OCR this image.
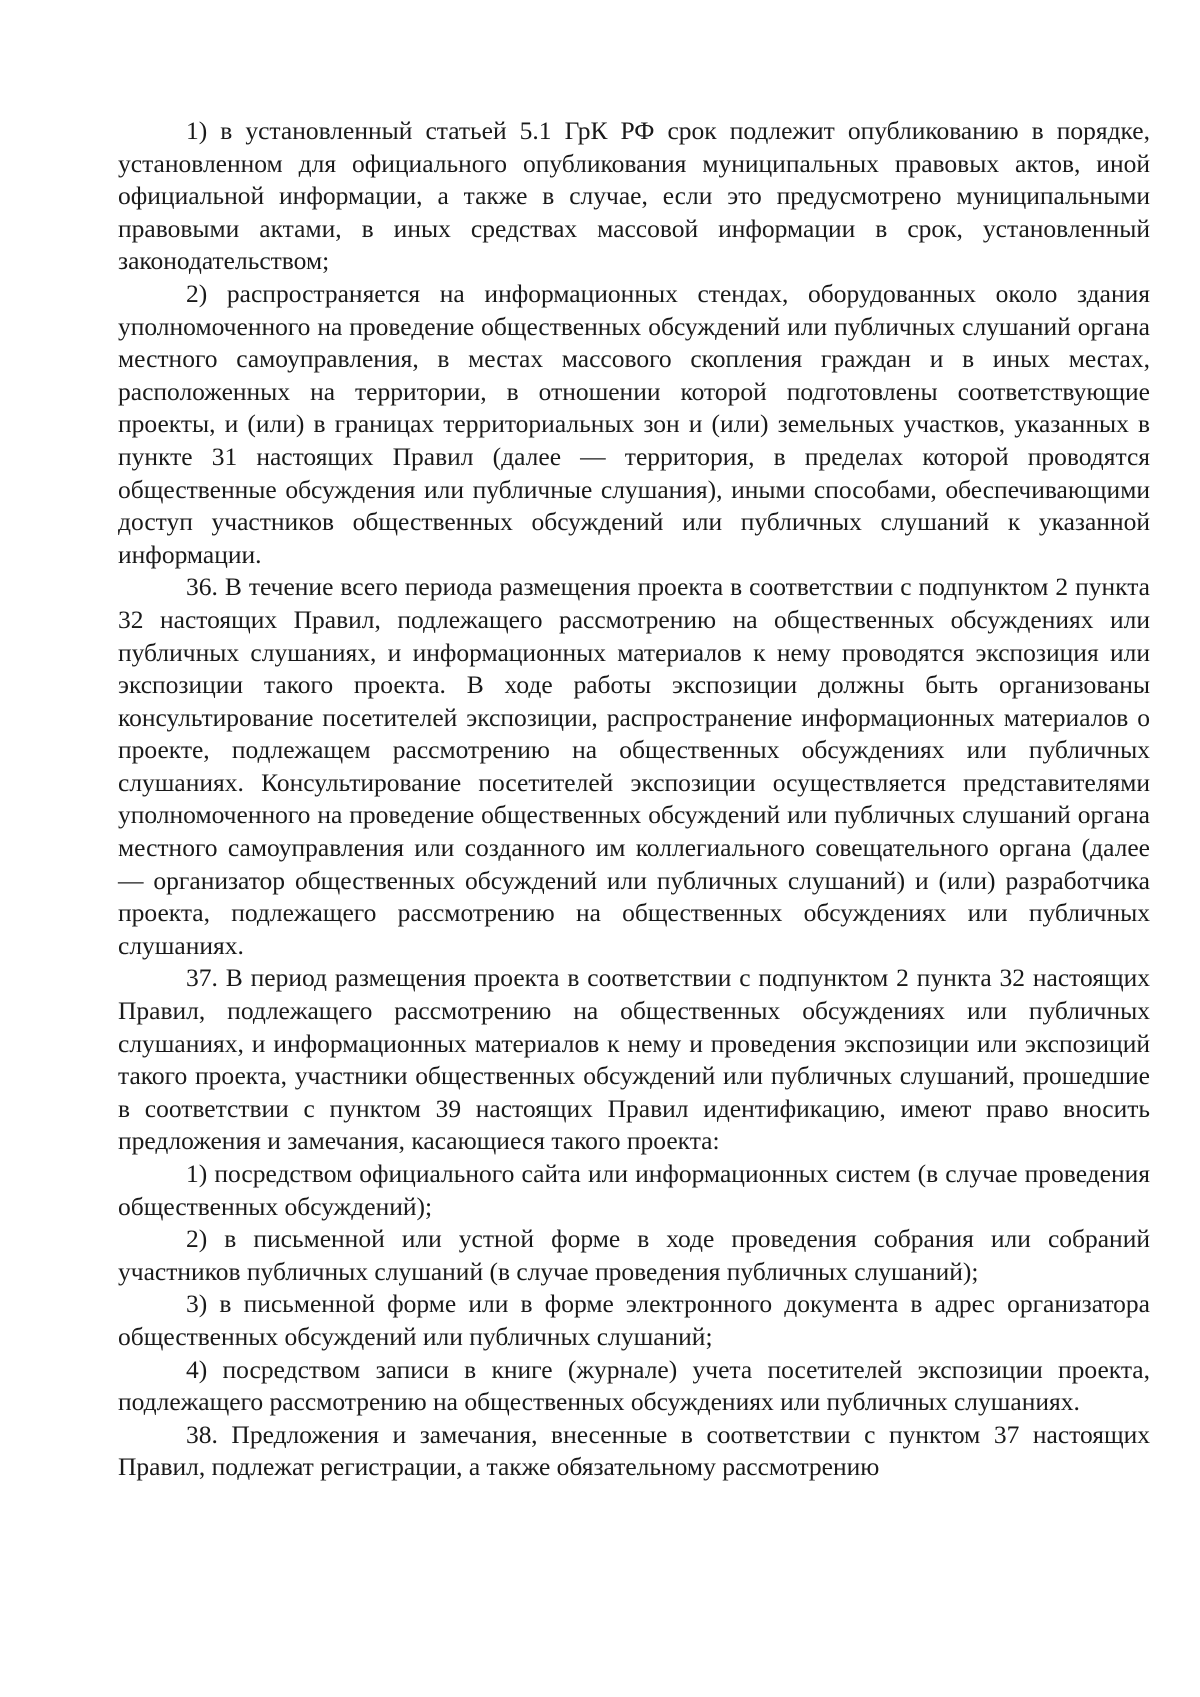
1) в установленный статьей 5.1 ГрК РФ срок подлежит опубликованию в порядке, установленном для официального опубликования муниципальных правовых актов, иной официальной информации, а также в случае, если это предусмотрено муниципальными правовыми актами, в иных средствах массовой информации в срок, установленный законодательством;

2) распространяется на информационных стендах, оборудованных около здания уполномоченного на проведение общественных обсуждений или публичных слушаний органа местного самоуправления, в местах массового скопления граждан и в иных местах, расположенных на территории, в отношении которой подготовлены соответствующие проекты, и (или) в границах территориальных зон и (или) земельных участков, указанных в пункте 31 настоящих Правил (далее — территория, в пределах которой проводятся общественные обсуждения или публичные слушания), иными способами, обеспечивающими доступ участников общественных обсуждений или публичных слушаний к указанной информации.

36. В течение всего периода размещения проекта в соответствии с подпунктом 2 пункта 32 настоящих Правил, подлежащего рассмотрению на общественных обсуждениях или публичных слушаниях, и информационных материалов к нему проводятся экспозиция или экспозиции такого проекта. В ходе работы экспозиции должны быть организованы консультирование посетителей экспозиции, распространение информационных материалов о проекте, подлежащем рассмотрению на общественных обсуждениях или публичных слушаниях. Консультирование посетителей экспозиции осуществляется представителями уполномоченного на проведение общественных обсуждений или публичных слушаний органа местного самоуправления или созданного им коллегиального совещательного органа (далее — организатор общественных обсуждений или публичных слушаний) и (или) разработчика проекта, подлежащего рассмотрению на общественных обсуждениях или публичных слушаниях.

37. В период размещения проекта в соответствии с подпунктом 2 пункта 32 настоящих Правил, подлежащего рассмотрению на общественных обсуждениях или публичных слушаниях, и информационных материалов к нему и проведения экспозиции или экспозиций такого проекта, участники общественных обсуждений или публичных слушаний, прошедшие в соответствии с пунктом 39 настоящих Правил идентификацию, имеют право вносить предложения и замечания, касающиеся такого проекта:

1) посредством официального сайта или информационных систем (в случае проведения общественных обсуждений);

2) в письменной или устной форме в ходе проведения собрания или собраний участников публичных слушаний (в случае проведения публичных слушаний);

3) в письменной форме или в форме электронного документа в адрес организатора общественных обсуждений или публичных слушаний;

4) посредством записи в книге (журнале) учета посетителей экспозиции проекта, подлежащего рассмотрению на общественных обсуждениях или публичных слушаниях.

38. Предложения и замечания, внесенные в соответствии с пунктом 37 настоящих Правил, подлежат регистрации, а также обязательному рассмотрению
